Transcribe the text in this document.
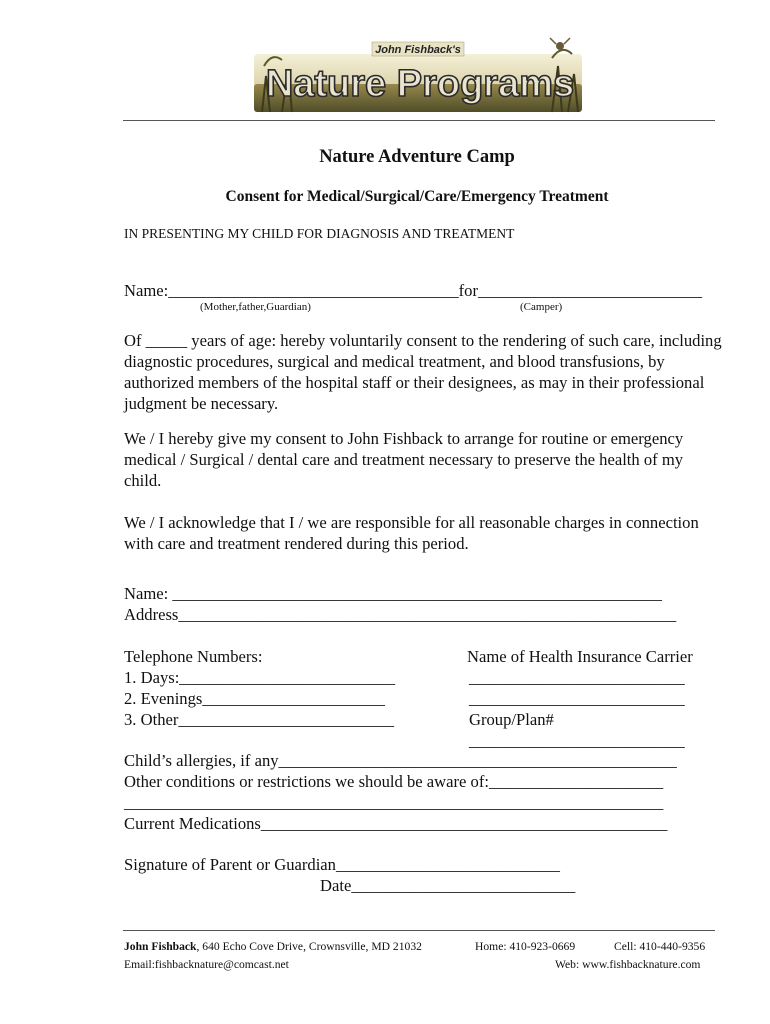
John Fishback's
Nature Programs
Nature Adventure Camp
Consent for Medical/Surgical/Care/Emergency Treatment
IN PRESENTING MY CHILD FOR DIAGNOSIS AND TREATMENT
Name:___________________________________for___________________________
(Mother,father,Guardian)	(Camper)
Of _____ years of age: hereby voluntarily consent to the rendering of such care, including diagnostic procedures, surgical and medical treatment, and blood transfusions, by authorized members of the hospital staff or their designees, as may in their professional judgment be necessary.
We / I hereby give my consent to John Fishback to arrange for routine or emergency medical / Surgical / dental care and treatment necessary to preserve the health of my child.
We / I acknowledge that I / we are responsible for all reasonable charges in connection with care and treatment rendered during this period.
Name: ___________________________________________________________
Address____________________________________________________________
Telephone Numbers:
1. Days:__________________________
2. Evenings______________________
3. Other__________________________
Name of Health Insurance Carrier
__________________________
__________________________
Group/Plan#
__________________________
Child’s allergies, if any________________________________________________
Other conditions or restrictions we should be aware of:_____________________
_________________________________________________________________
Current Medications_________________________________________________
Signature of Parent or Guardian___________________________
Date___________________________
John Fishback, 640 Echo Cove Drive, Crownsville, MD 21032	Home: 410-923-0669	Cell: 410-440-9356
Email:fishbacknature@comcast.net	Web: www.fishbacknature.com
